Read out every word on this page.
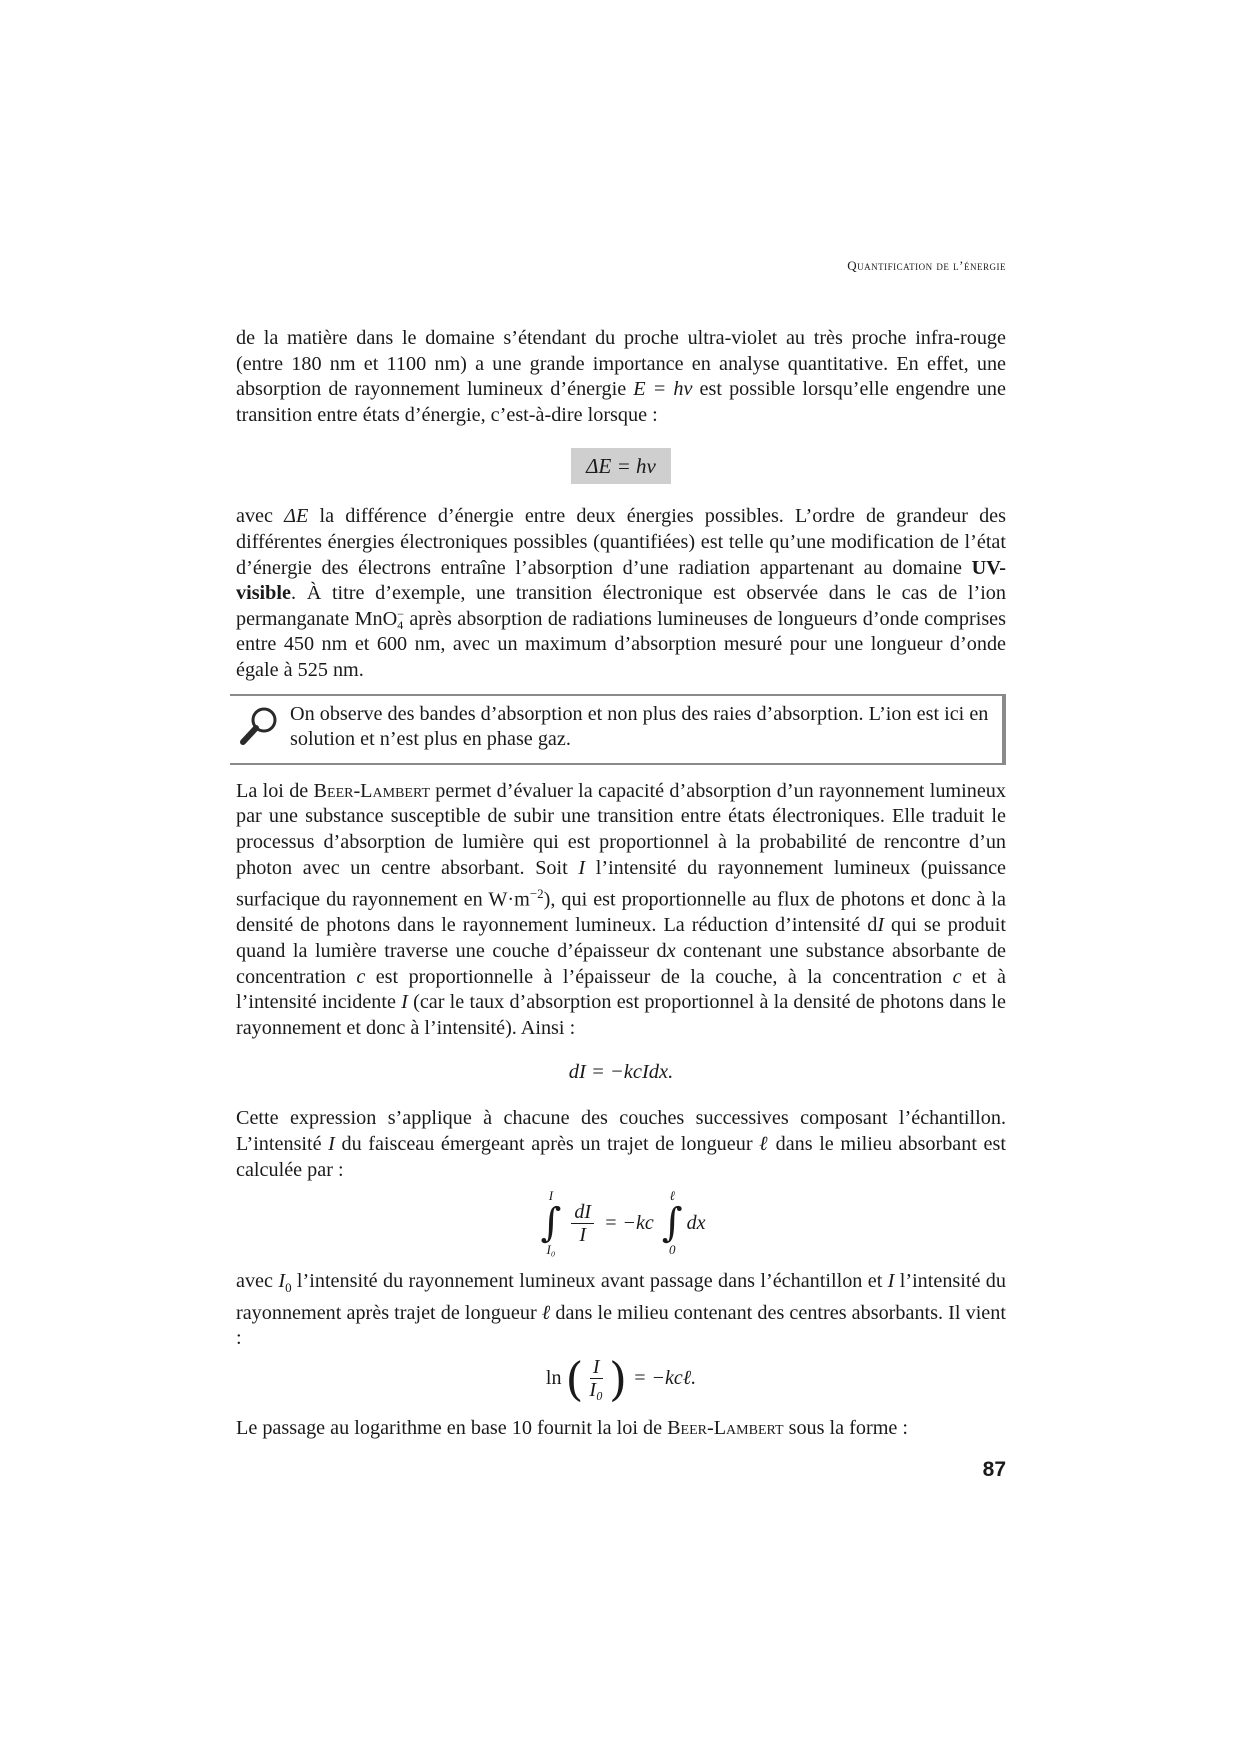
Quantification de l’énergie

de la matière dans le domaine s’étendant du proche ultra-violet au très proche infra-rouge (entre 180 nm et 1100 nm) a une grande importance en analyse quantitative. En effet, une absorption de rayonnement lumineux d’énergie E = hν est possible lorsqu’elle engendre une transition entre états d’énergie, c’est-à-dire lorsque :

ΔE = hν

avec ΔE la différence d’énergie entre deux énergies possibles. L’ordre de grandeur des différentes énergies électroniques possibles (quantifiées) est telle qu’une modification de l’état d’énergie des électrons entraîne l’absorption d’une radiation appartenant au domaine UV-visible. À titre d’exemple, une transition électronique est observée dans le cas de l’ion permanganate MnO −
4 après absorption de radiations lumineuses de longueurs d’onde comprises entre 450 nm et 600 nm, avec un maximum d’absorption mesuré pour une longueur d’onde égale à 525 nm.

On observe des bandes d’absorption et non plus des raies d’absorption. L’ion est ici en solution et n’est plus en phase gaz.

La loi de Beer-Lambert permet d’évaluer la capacité d’absorption d’un rayonnement lumineux par une substance susceptible de subir une transition entre états électroniques. Elle traduit le processus d’absorption de lumière qui est proportionnel à la probabilité de rencontre d’un photon avec un centre absorbant. Soit I l’intensité du rayonnement lumineux (puissance surfacique du rayonnement en $W\cdot m^{-2}$), qui est proportionnelle au flux de photons et donc à la densité de photons dans le rayonnement lumineux. La réduction d’intensité dI qui se produit quand la lumière traverse une couche d’épaisseur dx contenant une substance absorbante de concentration c est proportionnelle à l’épaisseur de la couche, à la concentration c et à l’intensité incidente I (car le taux d’absorption est proportionnel à la densité de photons dans le rayonnement et donc à l’intensité). Ainsi :

dI = −kcIdx.

Cette expression s’applique à chacune des couches successives composant l’échantillon. L’intensité I du faisceau émergeant après un trajet de longueur ℓ dans le milieu absorbant est calculée par :

I
∫
I₀
$\frac{dI}{I} = -kc$
ℓ
∫
0
dx

avec $I_0$ l’intensité du rayonnement lumineux avant passage dans l’échantillon et I l’intensité du rayonnement après trajet de longueur ℓ dans le milieu contenant des centres absorbants. Il vient :

ln ( $\frac{I}{\text{I₀}}$ ) = −kcℓ.

Le passage au logarithme en base 10 fournit la loi de Beer-Lambert sous la forme :

87
